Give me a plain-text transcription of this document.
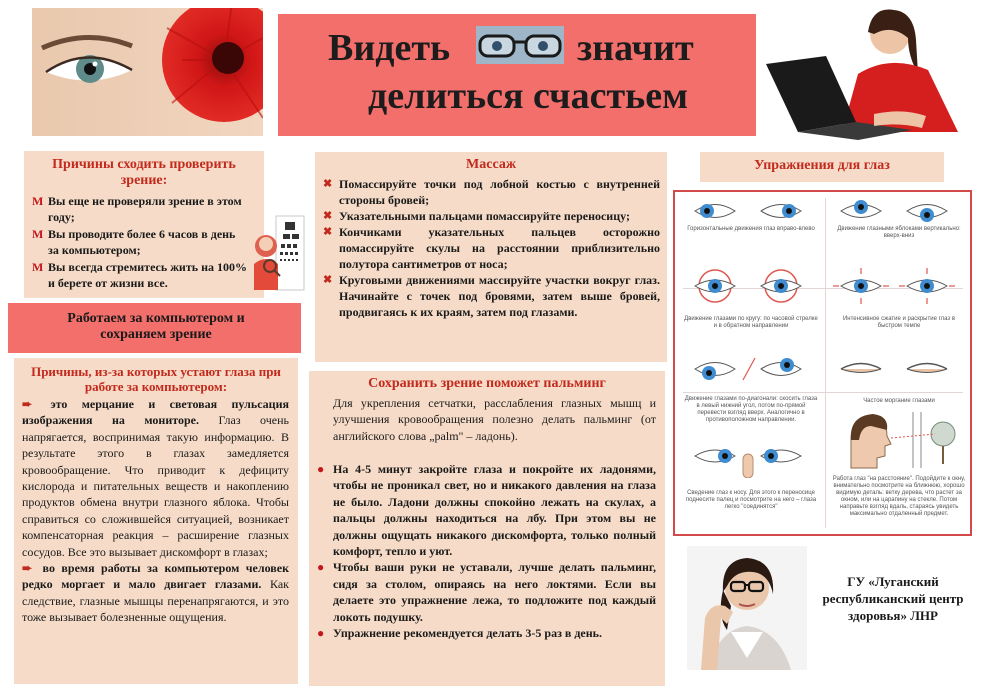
Видеть	значит
делиться счастьем
Причины сходить проверить зрение:
М Вы еще не проверяли зрение в этом году;
М Вы проводите более 6 часов в день за компьютером;
М Вы всегда стремитесь жить на 100% и берете от жизни все.
Работаем за компьютером и сохраняем зрение
Причины, из-за которых устают глаза при работе за компьютером:

➨ это мерцание и световая пульсация изображения на мониторе. Глаз очень напрягается, воспринимая такую информацию. В результате этого в глазах замедляется кровообращение. Что приводит к дефициту кислорода и питательных веществ и накоплению продуктов обмена внутри глазного яблока. Чтобы справиться со сложившейся ситуацией, возникает компенсаторная реакция – расширение глазных сосудов. Все это вызывает дискомфорт в глазах;

➨ во время работы за компьютером человек редко моргает и мало двигает глазами. Как следствие, глазные мышцы перенапрягаются, и это тоже вызывает болезненные ощущения.

Массаж
✖ Помассируйте точки под лобной костью с внутренней стороны бровей;
✖ Указательными пальцами помассируйте переносицу;
✖ Кончиками указательных пальцев осторожно помассируйте скулы на расстоянии приблизительно полутора сантиметров от носа;
✖ Круговыми движениями массируйте участки вокруг глаз. Начинайте с точек под бровями, затем выше бровей, продвигаясь к их краям, затем под глазами.
Сохранить зрение поможет пальминг
Для укрепления сетчатки, расслабления глазных мышц и улучшения кровообращения полезно делать пальминг (от английского слова „palm" – ладонь).
● На 4-5 минут закройте глаза и покройте их ладонями, чтобы не проникал свет, но и никакого давления на глаза не было. Ладони должны спокойно лежать на скулах, а пальцы должны находиться на лбу. При этом вы не должны ощущать никакого дискомфорта, только полный комфорт, тепло и уют.
● Чтобы ваши руки не уставали, лучше делать пальминг, сидя за столом, опираясь на него локтями. Если вы делаете это упражнение лежа, то подложите под каждый локоть подушку.
● Упражнение рекомендуется делать 3-5 раз в день.
Упражнения для глаз
Горизонтальные движения глаз вправо-влево	Движение глазными яблоками вертикально: вверх-вниз
Движение глазами по кругу: по часовой стрелке и в обратном направлении
Интенсивное сжатие и раскрытие глаз в быстром темпе
Движение глазами по-диагонали: скосить глаза в левый нижний угол, потом по-прямой перевести взгляд вверх. Аналогично в противоположном направлении.
Частое моргание глазами
Сведение глаз к носу. Для этого к переносице поднесите палец и посмотрите на него – глаза легко "соединятся"
Работа глаз "на расстояние". Подойдите к окну, внимательно посмотрите на ближнюю, хорошо видимую деталь: ветку дерева, что растет за окном, или на царапину на стекле. Потом направьте взгляд вдаль, стараясь увидеть максимально отдаленный предмет.
ГУ «Луганский республиканский центр здоровья» ЛНР
